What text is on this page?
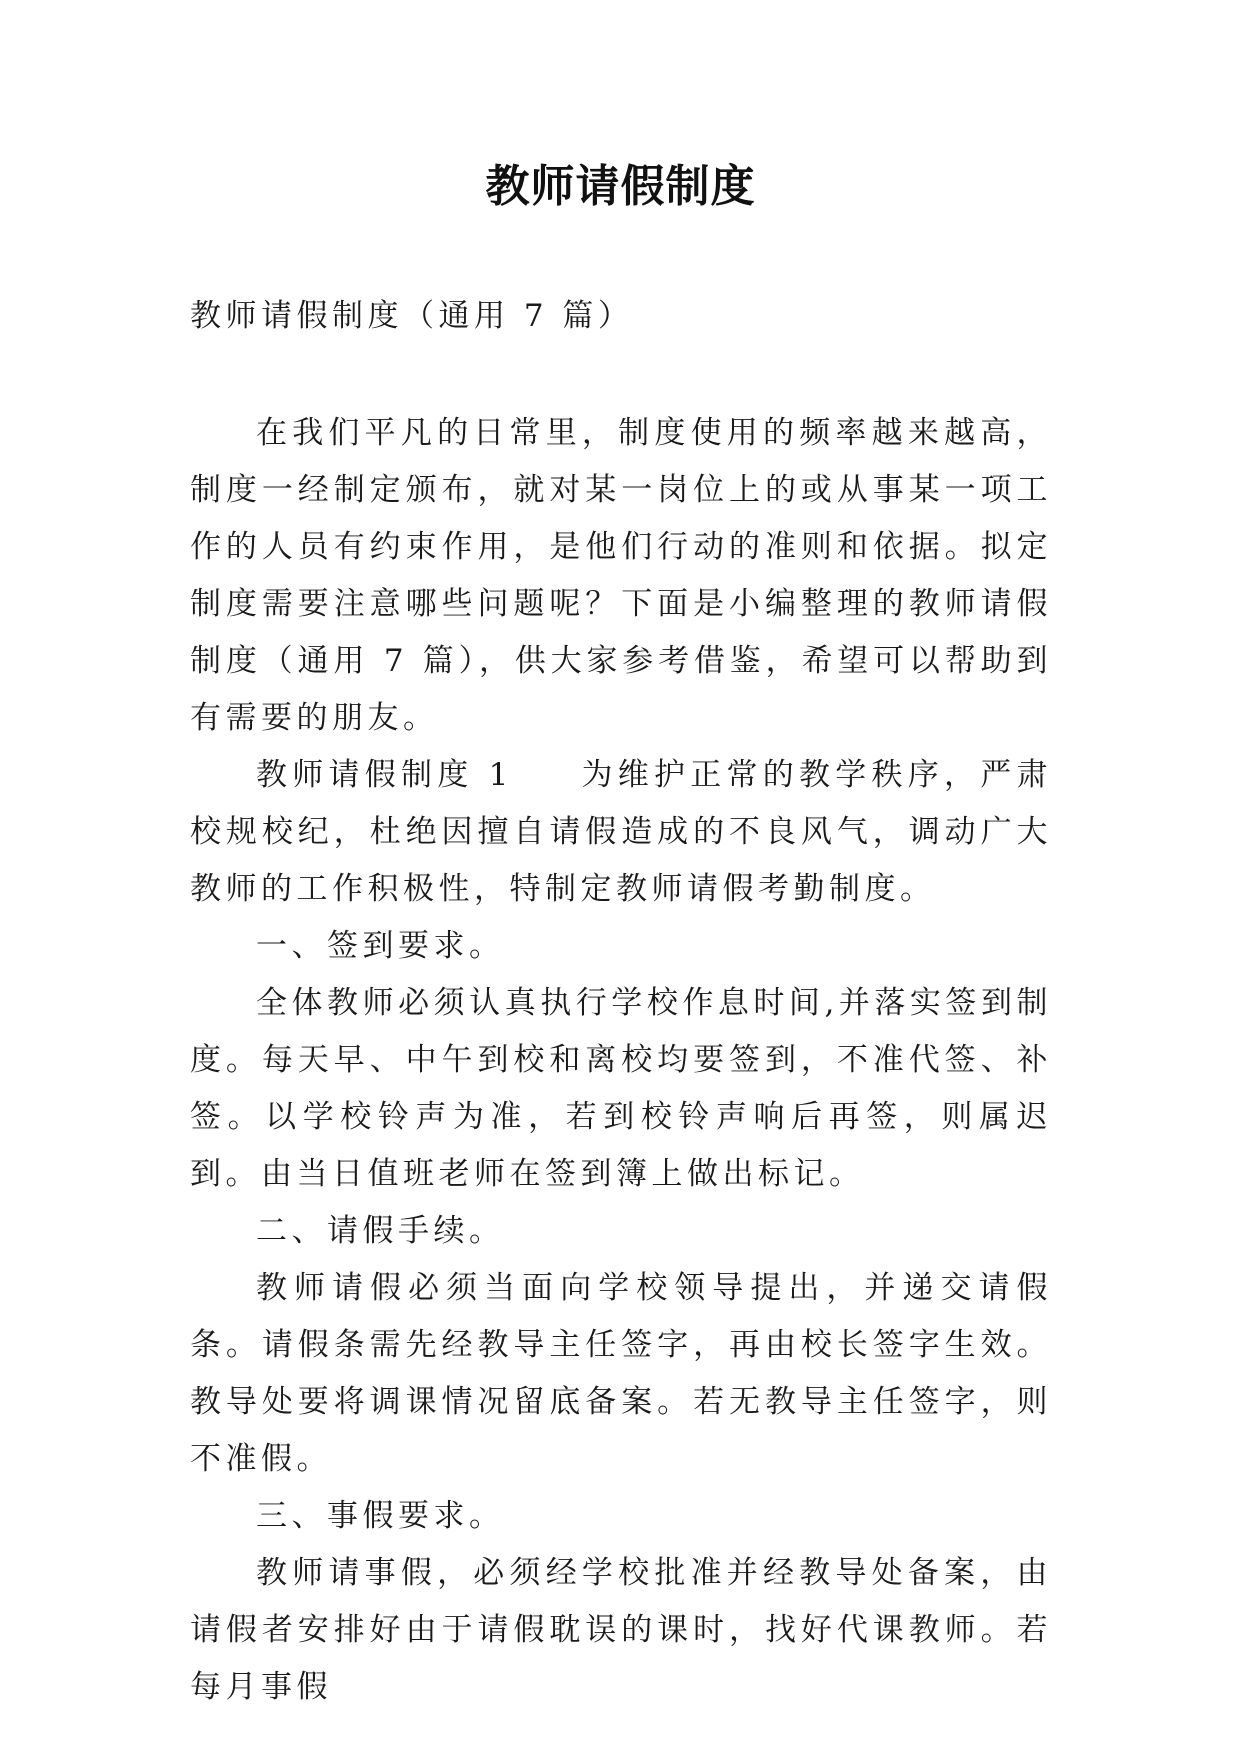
教师请假制度
教师请假制度（通用 7 篇）

在我们平凡的日常里，制度使用的频率越来越高，制度一经制定颁布，就对某一岗位上的或从事某一项工作的人员有约束作用，是他们行动的准则和依据。拟定制度需要注意哪些问题呢？下面是小编整理的教师请假制度（通用 7 篇），供大家参考借鉴，希望可以帮助到有需要的朋友。

教师请假制度 1 为维护正常的教学秩序，严肃校规校纪，杜绝因擅自请假造成的不良风气，调动广大教师的工作积极性，特制定教师请假考勤制度。

一、签到要求。

全体教师必须认真执行学校作息时间,并落实签到制度。每天早、中午到校和离校均要签到，不准代签、补签。以学校铃声为准，若到校铃声响后再签，则属迟到。由当日值班老师在签到簿上做出标记。

二、请假手续。

教师请假必须当面向学校领导提出，并递交请假条。请假条需先经教导主任签字，再由校长签字生效。教导处要将调课情况留底备案。若无教导主任签字，则不准假。

三、事假要求。

教师请事假，必须经学校批准并经教导处备案，由请假者安排好由于请假耽误的课时，找好代课教师。若每月事假
